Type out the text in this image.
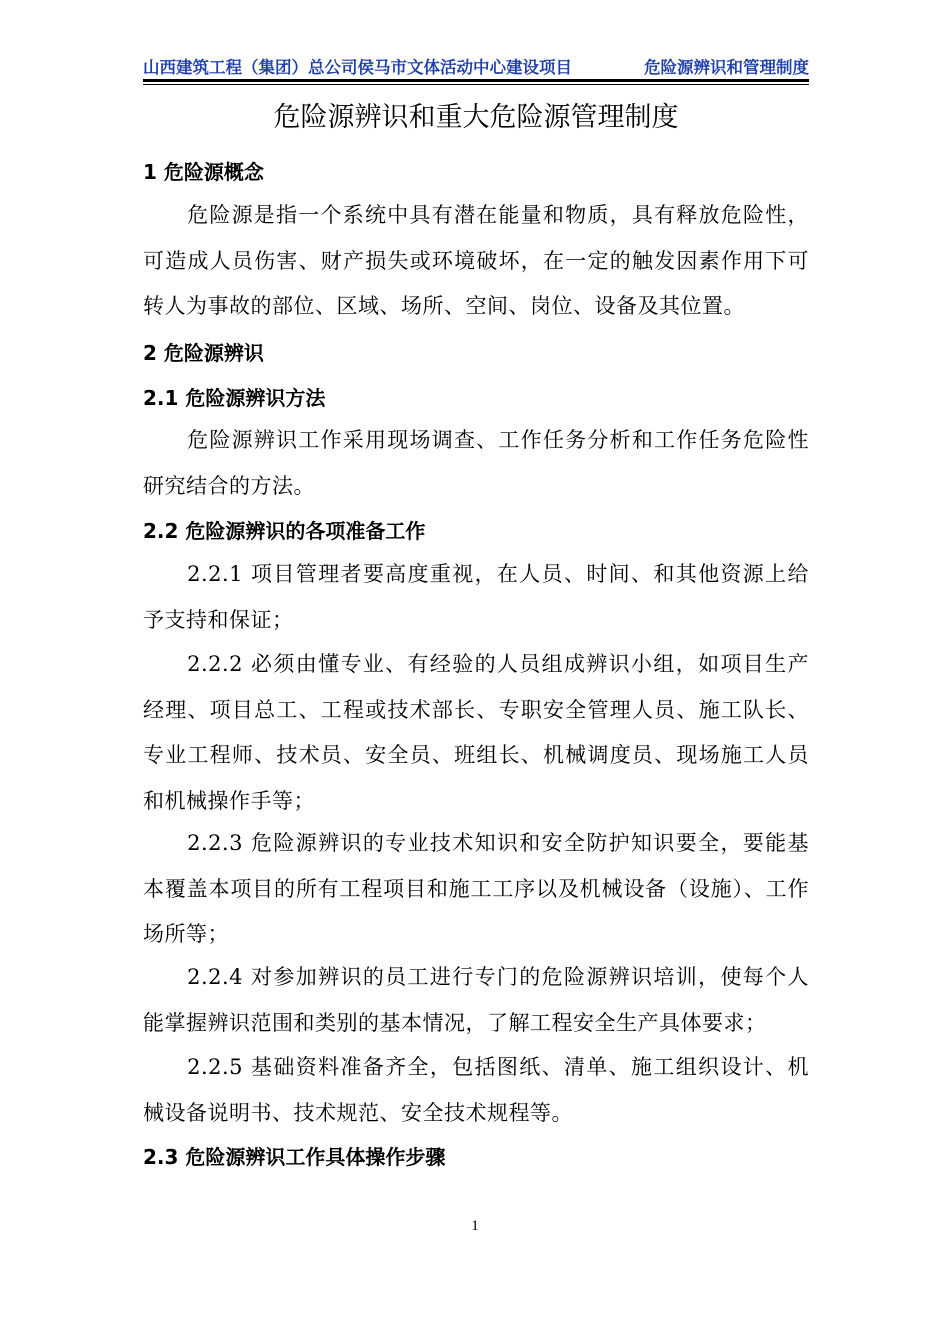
山西建筑工程（集团）总公司侯马市文体活动中心建设项目	危险源辨识和管理制度
危险源辨识和重大危险源管理制度
1 危险源概念

危险源是指一个系统中具有潜在能量和物质，具有释放危险性，可造成人员伤害、财产损失或环境破坏，在一定的触发因素作用下可转人为事故的部位、区域、场所、空间、岗位、设备及其位置。

2 危险源辨识
2.1 危险源辨识方法

危险源辨识工作采用现场调查、工作任务分析和工作任务危险性研究结合的方法。

2.2 危险源辨识的各项准备工作

2.2.1 项目管理者要高度重视，在人员、时间、和其他资源上给予支持和保证；

2.2.2 必须由懂专业、有经验的人员组成辨识小组，如项目生产经理、项目总工、工程或技术部长、专职安全管理人员、施工队长、专业工程师、技术员、安全员、班组长、机械调度员、现场施工人员和机械操作手等；

2.2.3 危险源辨识的专业技术知识和安全防护知识要全，要能基本覆盖本项目的所有工程项目和施工工序以及机械设备（设施）、工作场所等；

2.2.4 对参加辨识的员工进行专门的危险源辨识培训，使每个人能掌握辨识范围和类别的基本情况，了解工程安全生产具体要求；

2.2.5 基础资料准备齐全，包括图纸、清单、施工组织设计、机械设备说明书、技术规范、安全技术规程等。

2.3 危险源辨识工作具体操作步骤
1
